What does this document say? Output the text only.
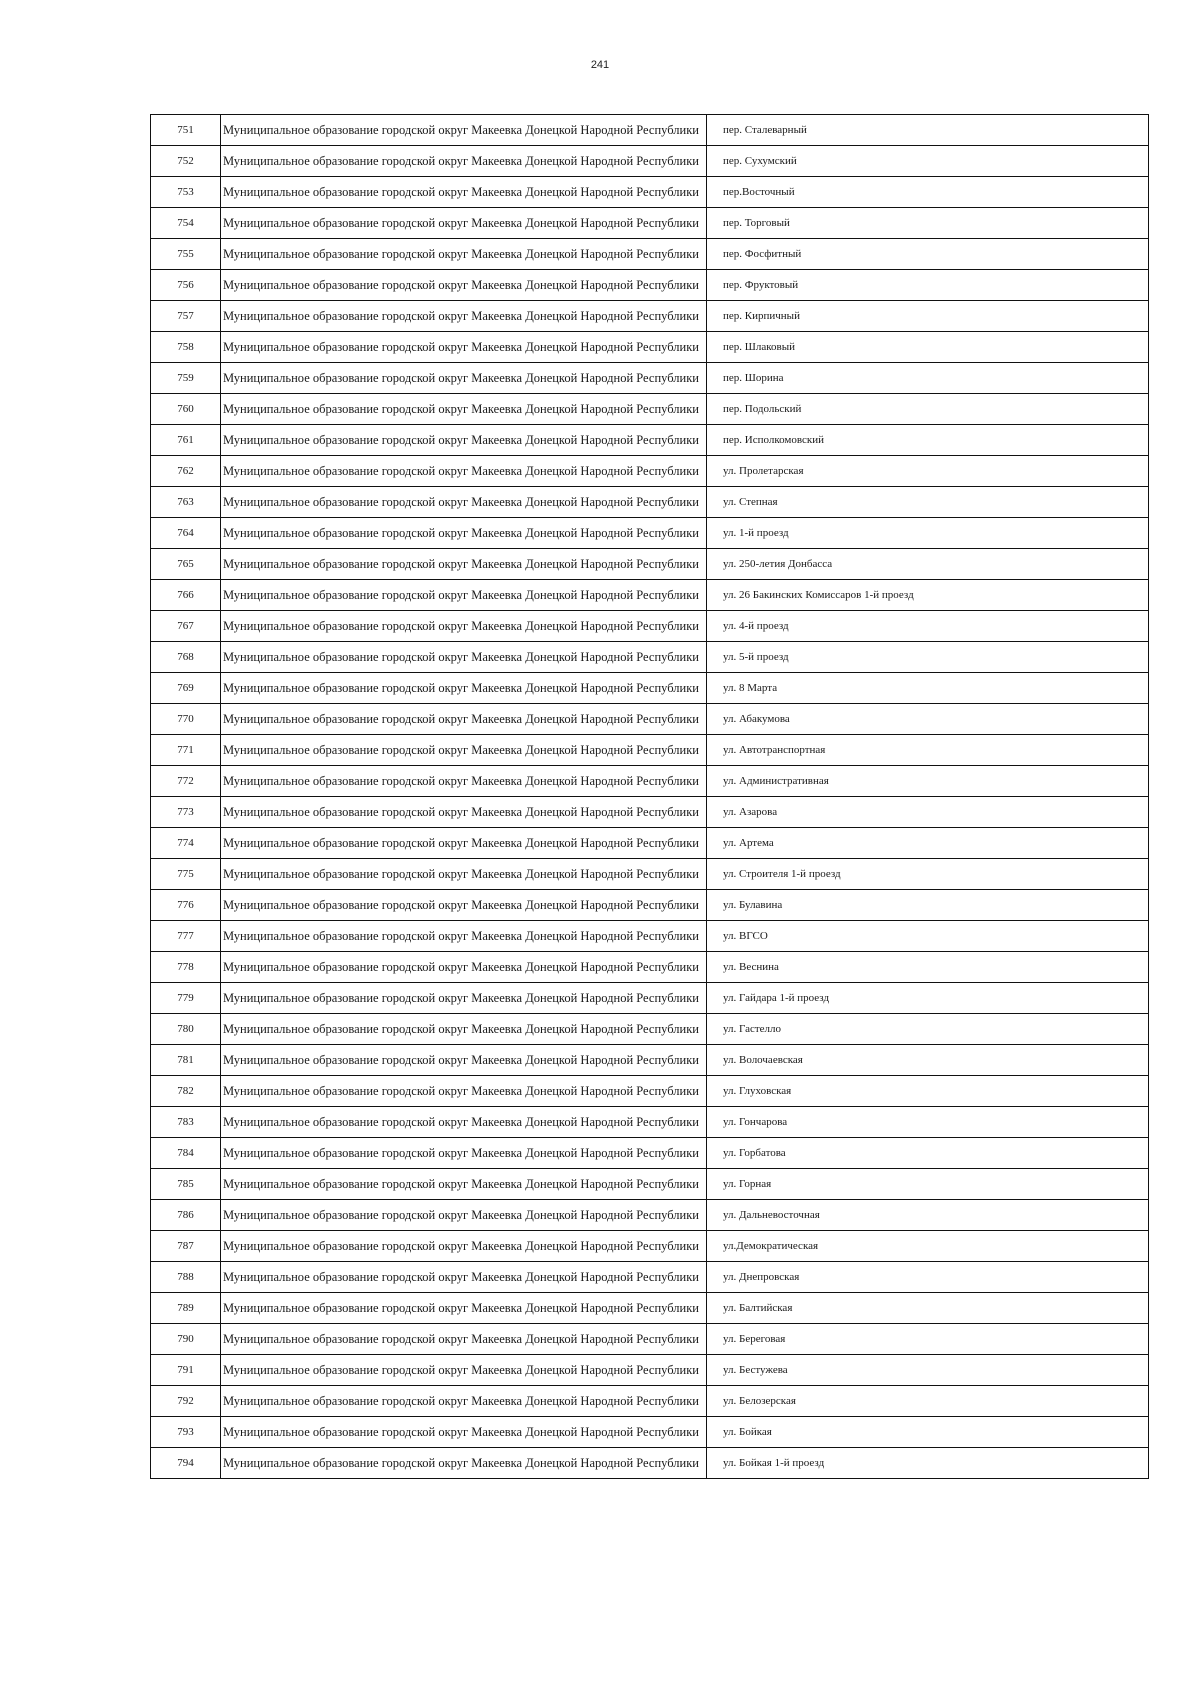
241
751	Муниципальное образование городской округ Макеевка Донецкой Народной Республики	пер. Сталеварный
752	Муниципальное образование городской округ Макеевка Донецкой Народной Республики	пер. Сухумский
753	Муниципальное образование городской округ Макеевка Донецкой Народной Республики	пер.Восточный
754	Муниципальное образование городской округ Макеевка Донецкой Народной Республики	пер. Торговый
755	Муниципальное образование городской округ Макеевка Донецкой Народной Республики	пер. Фосфитный
756	Муниципальное образование городской округ Макеевка Донецкой Народной Республики	пер. Фруктовый
757	Муниципальное образование городской округ Макеевка Донецкой Народной Республики	пер. Кирпичный
758	Муниципальное образование городской округ Макеевка Донецкой Народной Республики	пер. Шлаковый
759	Муниципальное образование городской округ Макеевка Донецкой Народной Республики	пер. Шорина
760	Муниципальное образование городской округ Макеевка Донецкой Народной Республики	пер. Подольский
761	Муниципальное образование городской округ Макеевка Донецкой Народной Республики	пер. Исполкомовский
762	Муниципальное образование городской округ Макеевка Донецкой Народной Республики	ул. Пролетарская
763	Муниципальное образование городской округ Макеевка Донецкой Народной Республики	ул. Степная
764	Муниципальное образование городской округ Макеевка Донецкой Народной Республики	ул. 1-й проезд
765	Муниципальное образование городской округ Макеевка Донецкой Народной Республики	ул. 250-летия Донбасса
766	Муниципальное образование городской округ Макеевка Донецкой Народной Республики	ул. 26 Бакинских Комиссаров 1-й проезд
767	Муниципальное образование городской округ Макеевка Донецкой Народной Республики	ул. 4-й проезд
768	Муниципальное образование городской округ Макеевка Донецкой Народной Республики	ул. 5-й проезд
769	Муниципальное образование городской округ Макеевка Донецкой Народной Республики	ул. 8 Марта
770	Муниципальное образование городской округ Макеевка Донецкой Народной Республики	ул. Абакумова
771	Муниципальное образование городской округ Макеевка Донецкой Народной Республики	ул. Автотранспортная
772	Муниципальное образование городской округ Макеевка Донецкой Народной Республики	ул. Административная
773	Муниципальное образование городской округ Макеевка Донецкой Народной Республики	ул. Азарова
774	Муниципальное образование городской округ Макеевка Донецкой Народной Республики	ул. Артема
775	Муниципальное образование городской округ Макеевка Донецкой Народной Республики	ул. Строителя 1-й проезд
776	Муниципальное образование городской округ Макеевка Донецкой Народной Республики	ул. Булавина
777	Муниципальное образование городской округ Макеевка Донецкой Народной Республики	ул. ВГСО
778	Муниципальное образование городской округ Макеевка Донецкой Народной Республики	ул. Веснина
779	Муниципальное образование городской округ Макеевка Донецкой Народной Республики	ул. Гайдара 1-й проезд
780	Муниципальное образование городской округ Макеевка Донецкой Народной Республики	ул. Гастелло
781	Муниципальное образование городской округ Макеевка Донецкой Народной Республики	ул. Волочаевская
782	Муниципальное образование городской округ Макеевка Донецкой Народной Республики	ул. Глуховская
783	Муниципальное образование городской округ Макеевка Донецкой Народной Республики	ул. Гончарова
784	Муниципальное образование городской округ Макеевка Донецкой Народной Республики	ул. Горбатова
785	Муниципальное образование городской округ Макеевка Донецкой Народной Республики	ул. Горная
786	Муниципальное образование городской округ Макеевка Донецкой Народной Республики	ул. Дальневосточная
787	Муниципальное образование городской округ Макеевка Донецкой Народной Республики	ул.Демократическая
788	Муниципальное образование городской округ Макеевка Донецкой Народной Республики	ул. Днепровская
789	Муниципальное образование городской округ Макеевка Донецкой Народной Республики	ул. Балтийская
790	Муниципальное образование городской округ Макеевка Донецкой Народной Республики	ул. Береговая
791	Муниципальное образование городской округ Макеевка Донецкой Народной Республики	ул. Бестужева
792	Муниципальное образование городской округ Макеевка Донецкой Народной Республики	ул. Белозерская
793	Муниципальное образование городской округ Макеевка Донецкой Народной Республики	ул. Бойкая
794	Муниципальное образование городской округ Макеевка Донецкой Народной Республики	ул. Бойкая 1-й проезд
